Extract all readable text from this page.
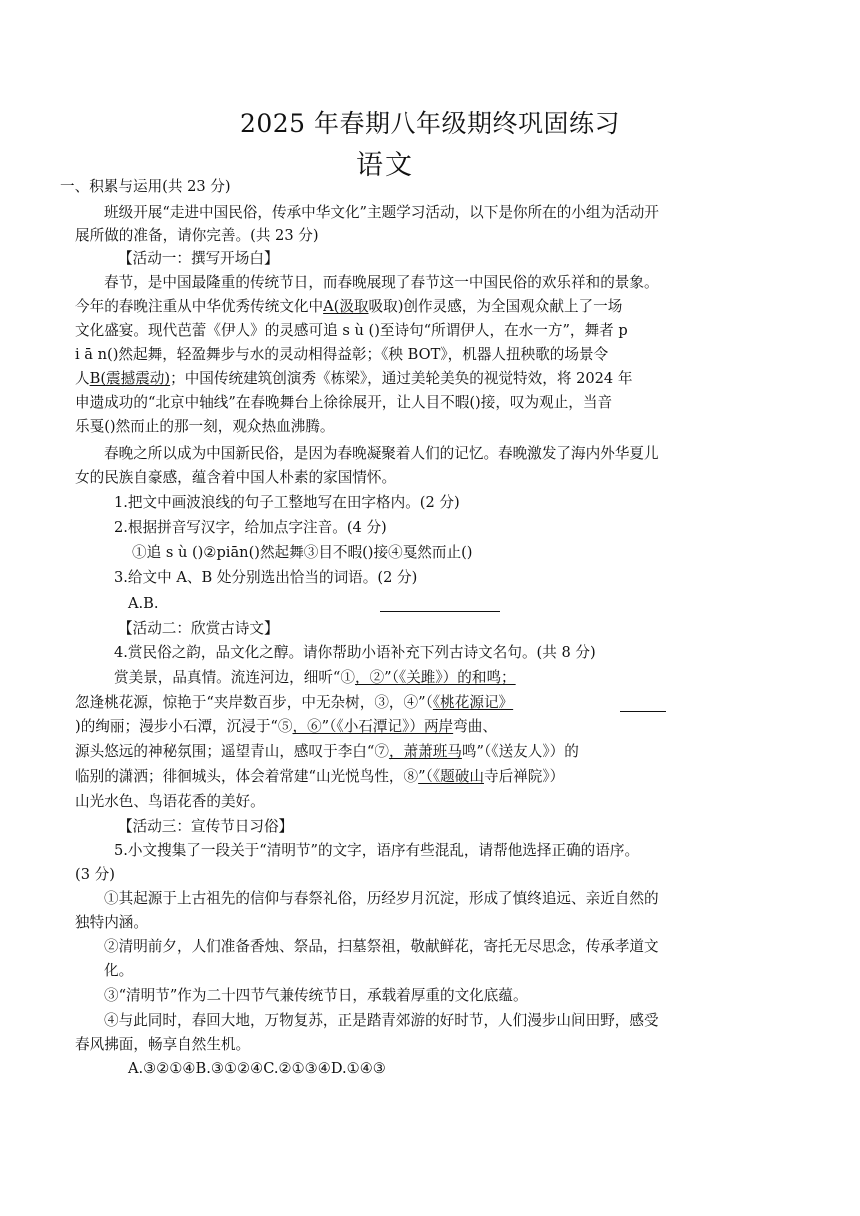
2025 年春期八年级期终巩固练习
语文
一、积累与运用(共 23 分)
班级开展“走进中国民俗，传承中华文化”主题学习活动，以下是你所在的小组为活动开
展所做的准备，请你完善。(共 23 分)
【活动一：撰写开场白】
春节，是中国最隆重的传统节日，而春晚展现了春节这一中国民俗的欢乐祥和的景象。
今年的春晚注重从中华优秀传统文化中A(汲取吸取)创作灵感，为全国观众献上了一场
文化盛宴。现代芭蕾《伊人》的灵感可追 s ù ()至诗句“所谓伊人，在水一方”，舞者 p
i ā n()然起舞，轻盈舞步与水的灵动相得益彰；《秧 BOT》，机器人扭秧歌的场景令
人B(震撼震动)；中国传统建筑创演秀《栋梁》，通过美轮美奂的视觉特效，将 2024 年
申遗成功的“北京中轴线”在春晚舞台上徐徐展开，让人目不暇()接，叹为观止，当音
乐戛()然而止的那一刻，观众热血沸腾。
春晚之所以成为中国新民俗，是因为春晚凝聚着人们的记忆。春晚激发了海内外华夏儿
女的民族自豪感，蕴含着中国人朴素的家国情怀。
1.把文中画波浪线的句子工整地写在田字格内。(2 分)
2.根据拼音写汉字，给加点字注音。(4 分)
①追 s ù ()②piān()然起舞③目不暇()接④戛然而止()
3.给文中 A、B 处分别选出恰当的词语。(2 分)
A.B.
【活动二：欣赏古诗文】
4.赏民俗之韵，品文化之醇。请你帮助小语补充下列古诗文名句。(共 8 分)
赏美景，品真情。流连河边，细听“①，②”（《关雎》）的和鸣；
忽逢桃花源，惊艳于“夹岸数百步，中无杂树，③，④”（《桃花源记》
)的绚丽；漫步小石潭，沉浸于“⑤，⑥”（《小石潭记》）两岸弯曲、
源头悠远的神秘氛围；遥望青山，感叹于李白“⑦，萧萧班马鸣”（《送友人》）的
临别的潇洒；徘徊城头，体会着常建“山光悦鸟性，⑧”（《题破山寺后禅院》）
山光水色、鸟语花香的美好。
【活动三：宣传节日习俗】
5.小文搜集了一段关于“清明节”的文字，语序有些混乱，请帮他选择正确的语序。
(3 分)
①其起源于上古祖先的信仰与春祭礼俗，历经岁月沉淀，形成了慎终追远、亲近自然的
独特内涵。
②清明前夕，人们准备香烛、祭品，扫墓祭祖，敬献鲜花，寄托无尽思念，传承孝道文
化。
③“清明节”作为二十四节气兼传统节日，承载着厚重的文化底蕴。
④与此同时，春回大地，万物复苏，正是踏青郊游的好时节，人们漫步山间田野，感受
春风拂面，畅享自然生机。
A.③②①④B.③①②④C.②①③④D.①④③
